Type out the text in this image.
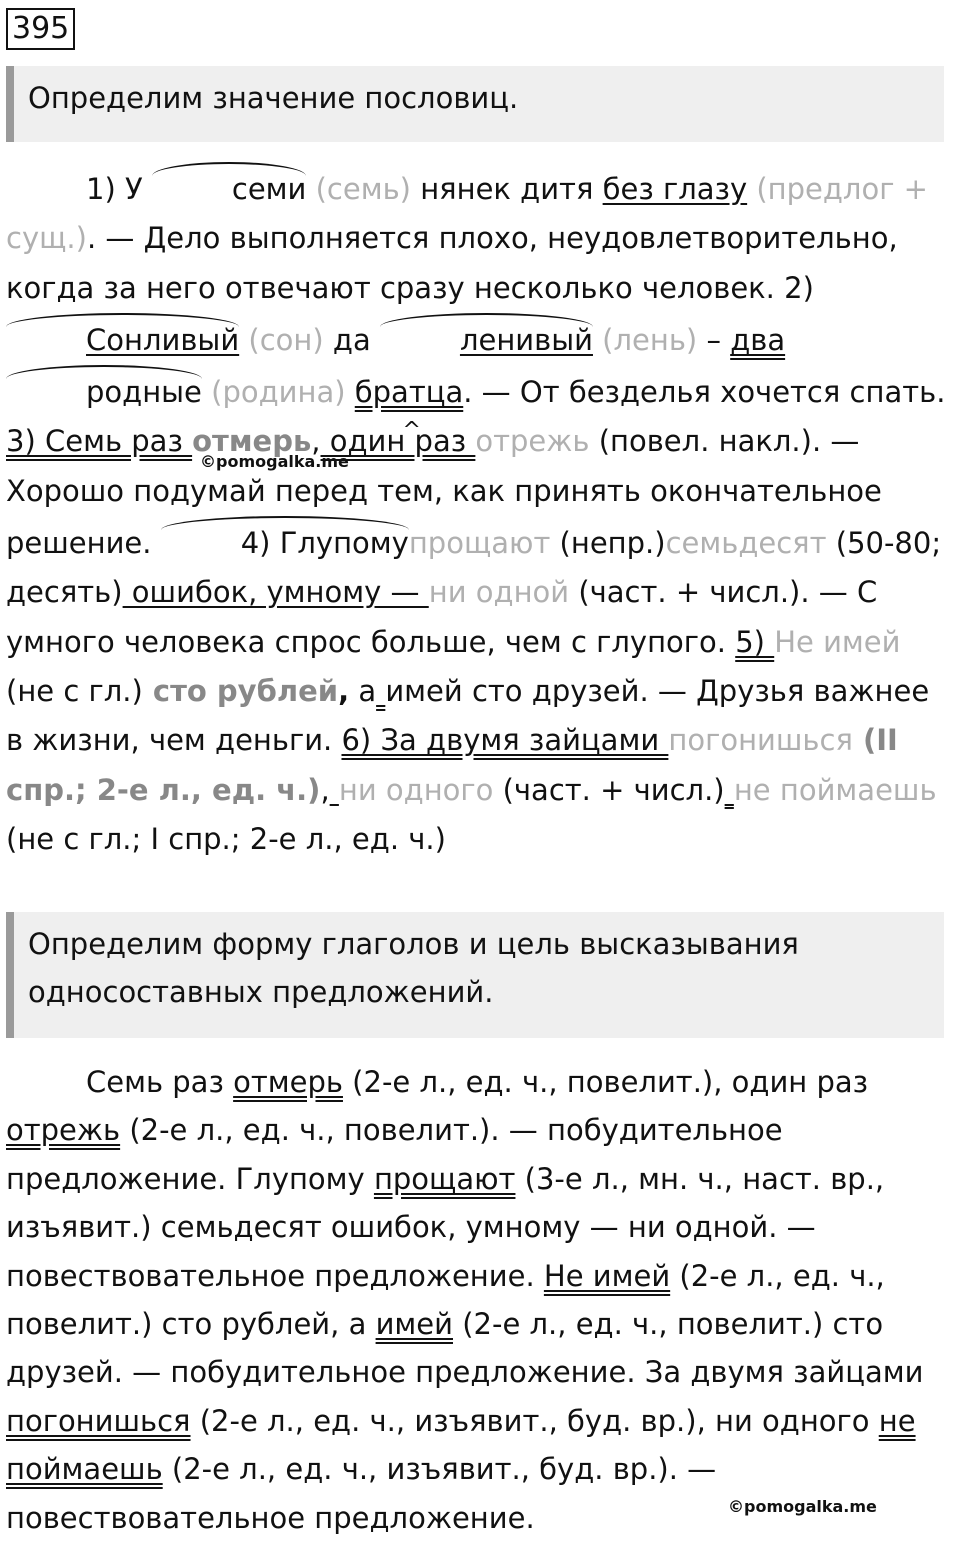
395
Определим значение пословиц.

1) У	семи (семь) нянек дитя без глазу (предлог + сущ.). — Дело выполняется плохо, неудовлетворительно, когда за него отвечают сразу несколько человек. 2) Сонливый (сон) да	ленивый (лень) – два родные (родина) братца. — От безделья хочется спать. 3) Семь раз отмерь,^ один раз отрежь (повел. накл.). — Хорошо подумай перед тем, как принять окончательное решение.	4) Глупомупрощают (непр.)семьдесят (50-80; десять) ошибок, умному — ни одной (част. + числ.). — С умного человека спрос больше, чем с глупого. 5) Не имей (не с гл.) сто рублей, а имей сто друзей. — Друзья важнее в жизни, чем деньги. 6) За двумя зайцами погонишься (II спр.; 2-е л., ед. ч.), ни одного (част. + числ.) не поймаешь (не с гл.; I спр.; 2-е л., ед. ч.)

©pomogalka.me
Определим форму глаголов и цель высказывания односоставных предложений.

Семь раз отмерь (2-е л., ед. ч., повелит.), один раз отрежь (2-е л., ед. ч., повелит.). — побудительное предложение. Глупому прощают (3-е л., мн. ч., наст. вр., изъявит.) семьдесят ошибок, умному — ни одной. — повествовательное предложение. Не имей (2-е л., ед. ч., повелит.) сто рублей, а имей (2-е л., ед. ч., повелит.) сто друзей. — побудительное предложение. За двумя зайцами погонишься (2-е л., ед. ч., изъявит., буд. вр.), ни одного не поймаешь (2-е л., ед. ч., изъявит., буд. вр.). — повествовательное предложение.	©pomogalka.me
